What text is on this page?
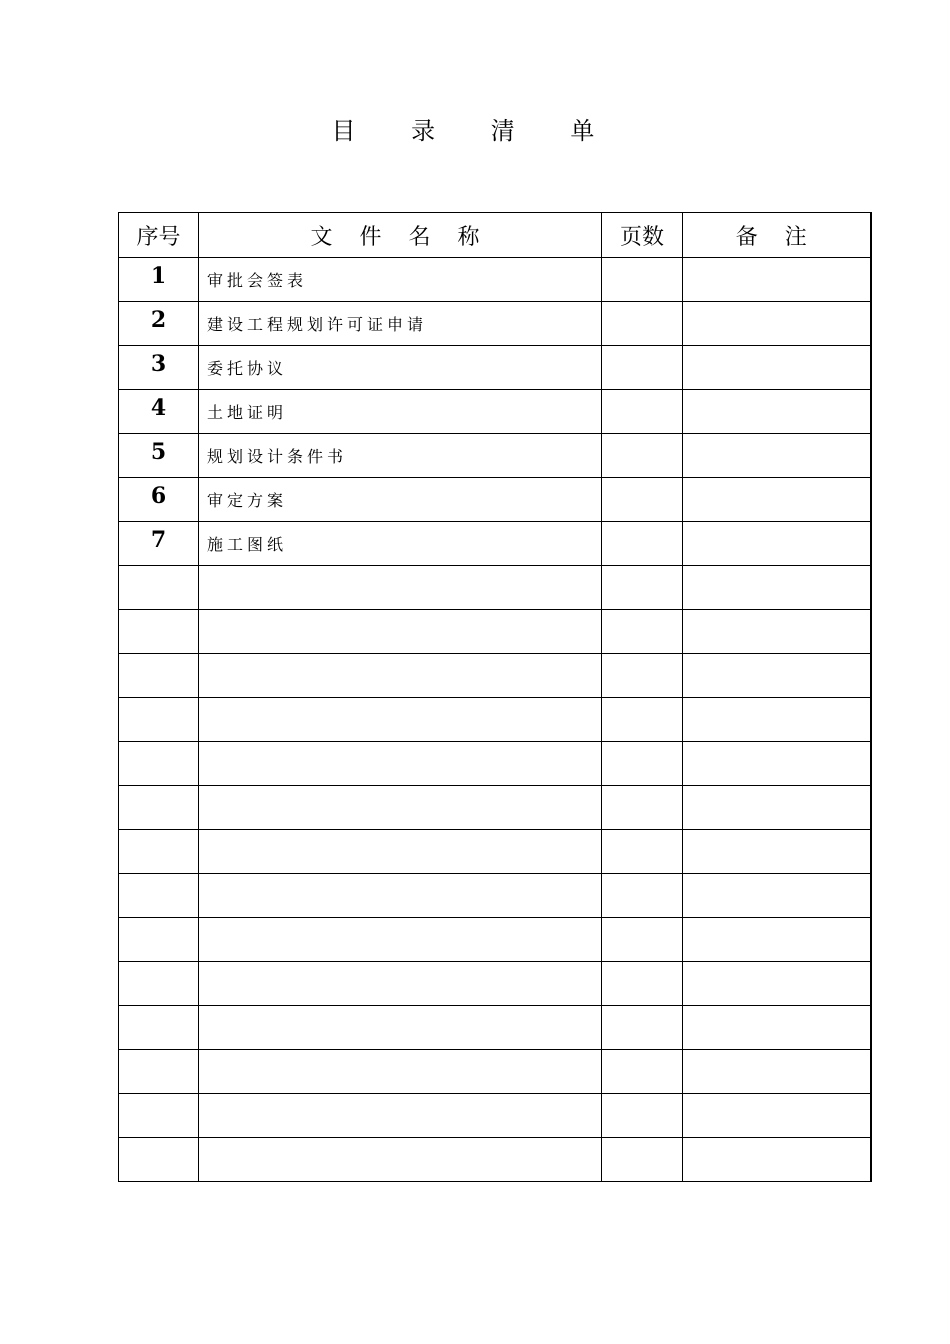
目 录 清 单
序号	文 件 名 称	页数	备 注
1	审批会签表		
2	建设工程规划许可证申请		
3	委托协议		
4	土地证明		
5	规划设计条件书		
6	审定方案		
7	施工图纸		
